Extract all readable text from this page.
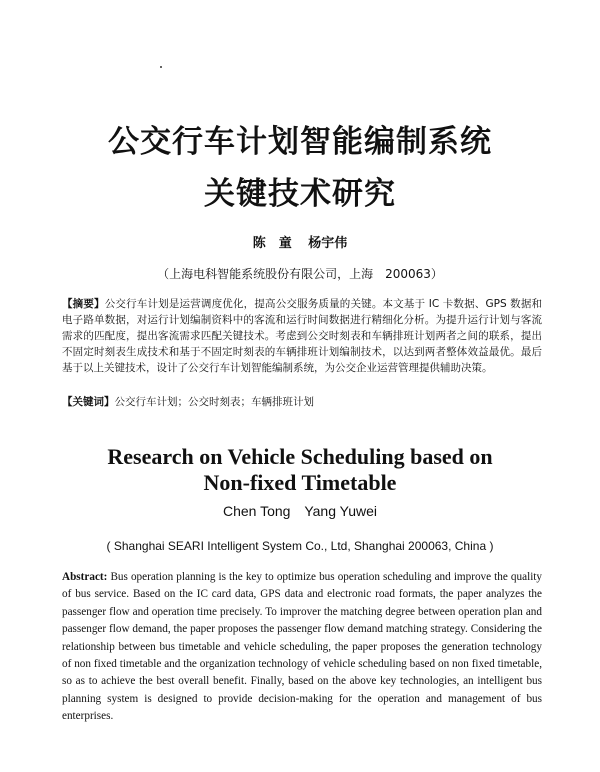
公交行车计划智能编制系统
关键技术研究
陈　童 杨宇伟
（上海电科智能系统股份有限公司，上海　200063）
【摘要】公交行车计划是运营调度优化，提高公交服务质量的关键。本文基于 IC 卡数据、GPS 数据和电子路单数据，对运行计划编制资料中的客流和运行时间数据进行精细化分析。为提升运行计划与客流需求的匹配度，提出客流需求匹配关键技术。考虑到公交时刻表和车辆排班计划两者之间的联系，提出不固定时刻表生成技术和基于不固定时刻表的车辆排班计划编制技术，以达到两者整体效益最优。最后基于以上关键技术，设计了公交行车计划智能编制系统，为公交企业运营管理提供辅助决策。
【关键词】公交行车计划；公交时刻表；车辆排班计划
Research on Vehicle Scheduling based on
Non-fixed Timetable
Chen Tong Yang Yuwei
( Shanghai SEARI Intelligent System Co., Ltd, Shanghai 200063, China )
Abstract: Bus operation planning is the key to optimize bus operation scheduling and improve the quality of bus service. Based on the IC card data, GPS data and electronic road formats, the paper analyzes the passenger flow and operation time precisely. To improver the matching degree between operation plan and passenger flow demand, the paper proposes the passenger flow demand matching strategy. Considering the relationship between bus timetable and vehicle scheduling, the paper proposes the generation technology of non fixed timetable and the organization technology of vehicle scheduling based on non fixed timetable, so as to achieve the best overall benefit. Finally, based on the above key technologies, an intelligent bus planning system is designed to provide decision-making for the operation and management of bus enterprises.
